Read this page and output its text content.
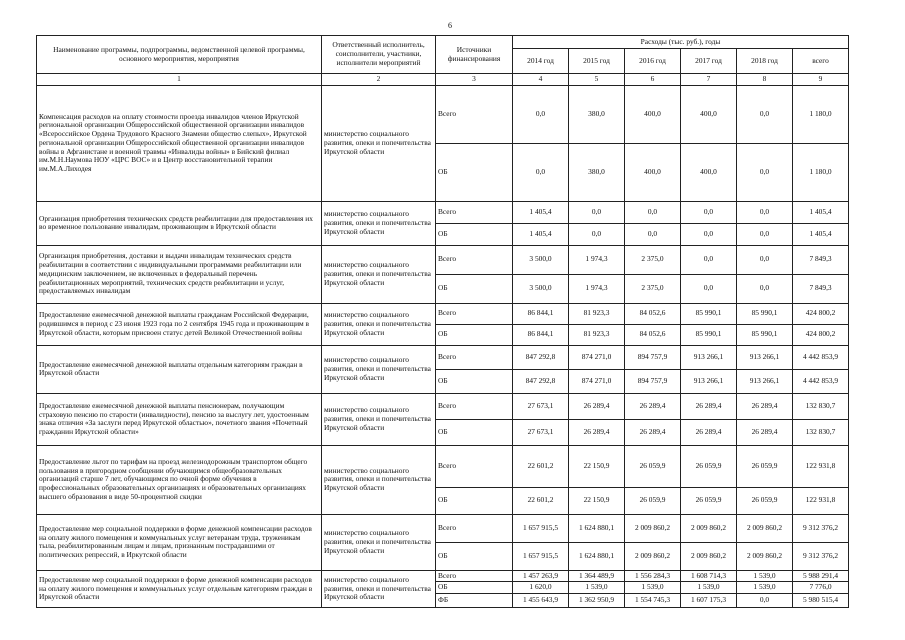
6
Наименование программы, подпрограммы, ведомственной целевой программы, основного мероприятия, мероприятия	Ответственный исполнитель, соисполнители, участники, исполнители мероприятий	Источники финансирования	Расходы (тыс. руб.), годы					
			2014 год	2015 год	2016 год	2017 год	2018 год	всего
1	2	3	4	5	6	7	8	9
Компенсация расходов на оплату стоимости проезда инвалидов членов Иркутской региональной организации Общероссийской общественной организации инвалидов «Всероссийское Ордена Трудового Красного Знамени общество слепых», Иркутской региональной организации Общероссийской общественной организации инвалидов войны в Афганистане и военной травмы «Инвалиды войны» в Бийский филиал им.М.Н.Наумова НОУ «ЦРС ВОС» и в Центр восстановительной терапии им.М.А.Лиходея	министерство социального развития, опеки и попечительства Иркутской области	Всего	0,0	380,0	400,0	400,0	0,0	1 180,0
		ОБ	0,0	380,0	400,0	400,0	0,0	1 180,0
Организация приобретения технических средств реабилитации для предоставления их во временное пользование инвалидам, проживающим в Иркутской области	министерство социального развития, опеки и попечительства Иркутской области	Всего	1 405,4	0,0	0,0	0,0	0,0	1 405,4
		ОБ	1 405,4	0,0	0,0	0,0	0,0	1 405,4
Организация приобретения, доставки и выдачи инвалидам технических средств реабилитации в соответствии с индивидуальными программами реабилитации или медицинским заключением, не включенных в федеральный перечень реабилитационных мероприятий, технических средств реабилитации и услуг, предоставляемых инвалидам	министерство социального развития, опеки и попечительства Иркутской области	Всего	3 500,0	1 974,3	2 375,0	0,0	0,0	7 849,3
		ОБ	3 500,0	1 974,3	2 375,0	0,0	0,0	7 849,3
Предоставление ежемесячной денежной выплаты гражданам Российской Федерации, родившимся в период с 23 июня 1923 года по 2 сентября 1945 года и проживающим в Иркутской области, которым присвоен статус детей Великой Отечественной войны	министерство социального развития, опеки и попечительства Иркутской области	Всего	86 844,1	81 923,3	84 052,6	85 990,1	85 990,1	424 800,2
		ОБ	86 844,1	81 923,3	84 052,6	85 990,1	85 990,1	424 800,2
Предоставление ежемесячной денежной выплаты отдельным категориям граждан в Иркутской области	министерство социального развития, опеки и попечительства Иркутской области	Всего	847 292,8	874 271,0	894 757,9	913 266,1	913 266,1	4 442 853,9
		ОБ	847 292,8	874 271,0	894 757,9	913 266,1	913 266,1	4 442 853,9
Предоставление ежемесячной денежной выплаты пенсионерам, получающим страховую пенсию по старости (инвалидности), пенсию за выслугу лет, удостоенным знака отличия «За заслуги перед Иркутской областью», почетного звания «Почетный гражданин Иркутской области»	министерство социального развития, опеки и попечительства Иркутской области	Всего	27 673,1	26 289,4	26 289,4	26 289,4	26 289,4	132 830,7
		ОБ	27 673,1	26 289,4	26 289,4	26 289,4	26 289,4	132 830,7
Предоставление льгот по тарифам на проезд железнодорожным транспортом общего пользования в пригородном сообщении обучающимся общеобразовательных организаций старше 7 лет, обучающимся по очной форме обучения в профессиональных образовательных организациях и образовательных организациях высшего образования в виде 50-процентной скидки	министерство социального развития, опеки и попечительства Иркутской области	Всего	22 601,2	22 150,9	26 059,9	26 059,9	26 059,9	122 931,8
		ОБ	22 601,2	22 150,9	26 059,9	26 059,9	26 059,9	122 931,8
Предоставление мер социальной поддержки в форме денежной компенсации расходов на оплату жилого помещения и коммунальных услуг ветеранам труда, труженикам тыла, реабилитированным лицам и лицам, признанным пострадавшими от политических репрессий, в Иркутской области	министерство социального развития, опеки и попечительства Иркутской области	Всего	1 657 915,5	1 624 880,1	2 009 860,2	2 009 860,2	2 009 860,2	9 312 376,2
		ОБ	1 657 915,5	1 624 880,1	2 009 860,2	2 009 860,2	2 009 860,2	9 312 376,2
Предоставление мер социальной поддержки в форме денежной компенсации расходов на оплату жилого помещения и коммунальных услуг отдельным категориям граждан в Иркутской области	министерство социального развития, опеки и попечительства Иркутской области	Всего	1 457 263,9	1 364 489,9	1 556 284,3	1 608 714,3	1 539,0	5 988 291,4
		ОБ	1 620,0	1 539,0	1 539,0	1 539,0	1 539,0	7 776,0
		ФБ	1 455 643,9	1 362 950,9	1 554 745,3	1 607 175,3	0,0	5 980 515,4
